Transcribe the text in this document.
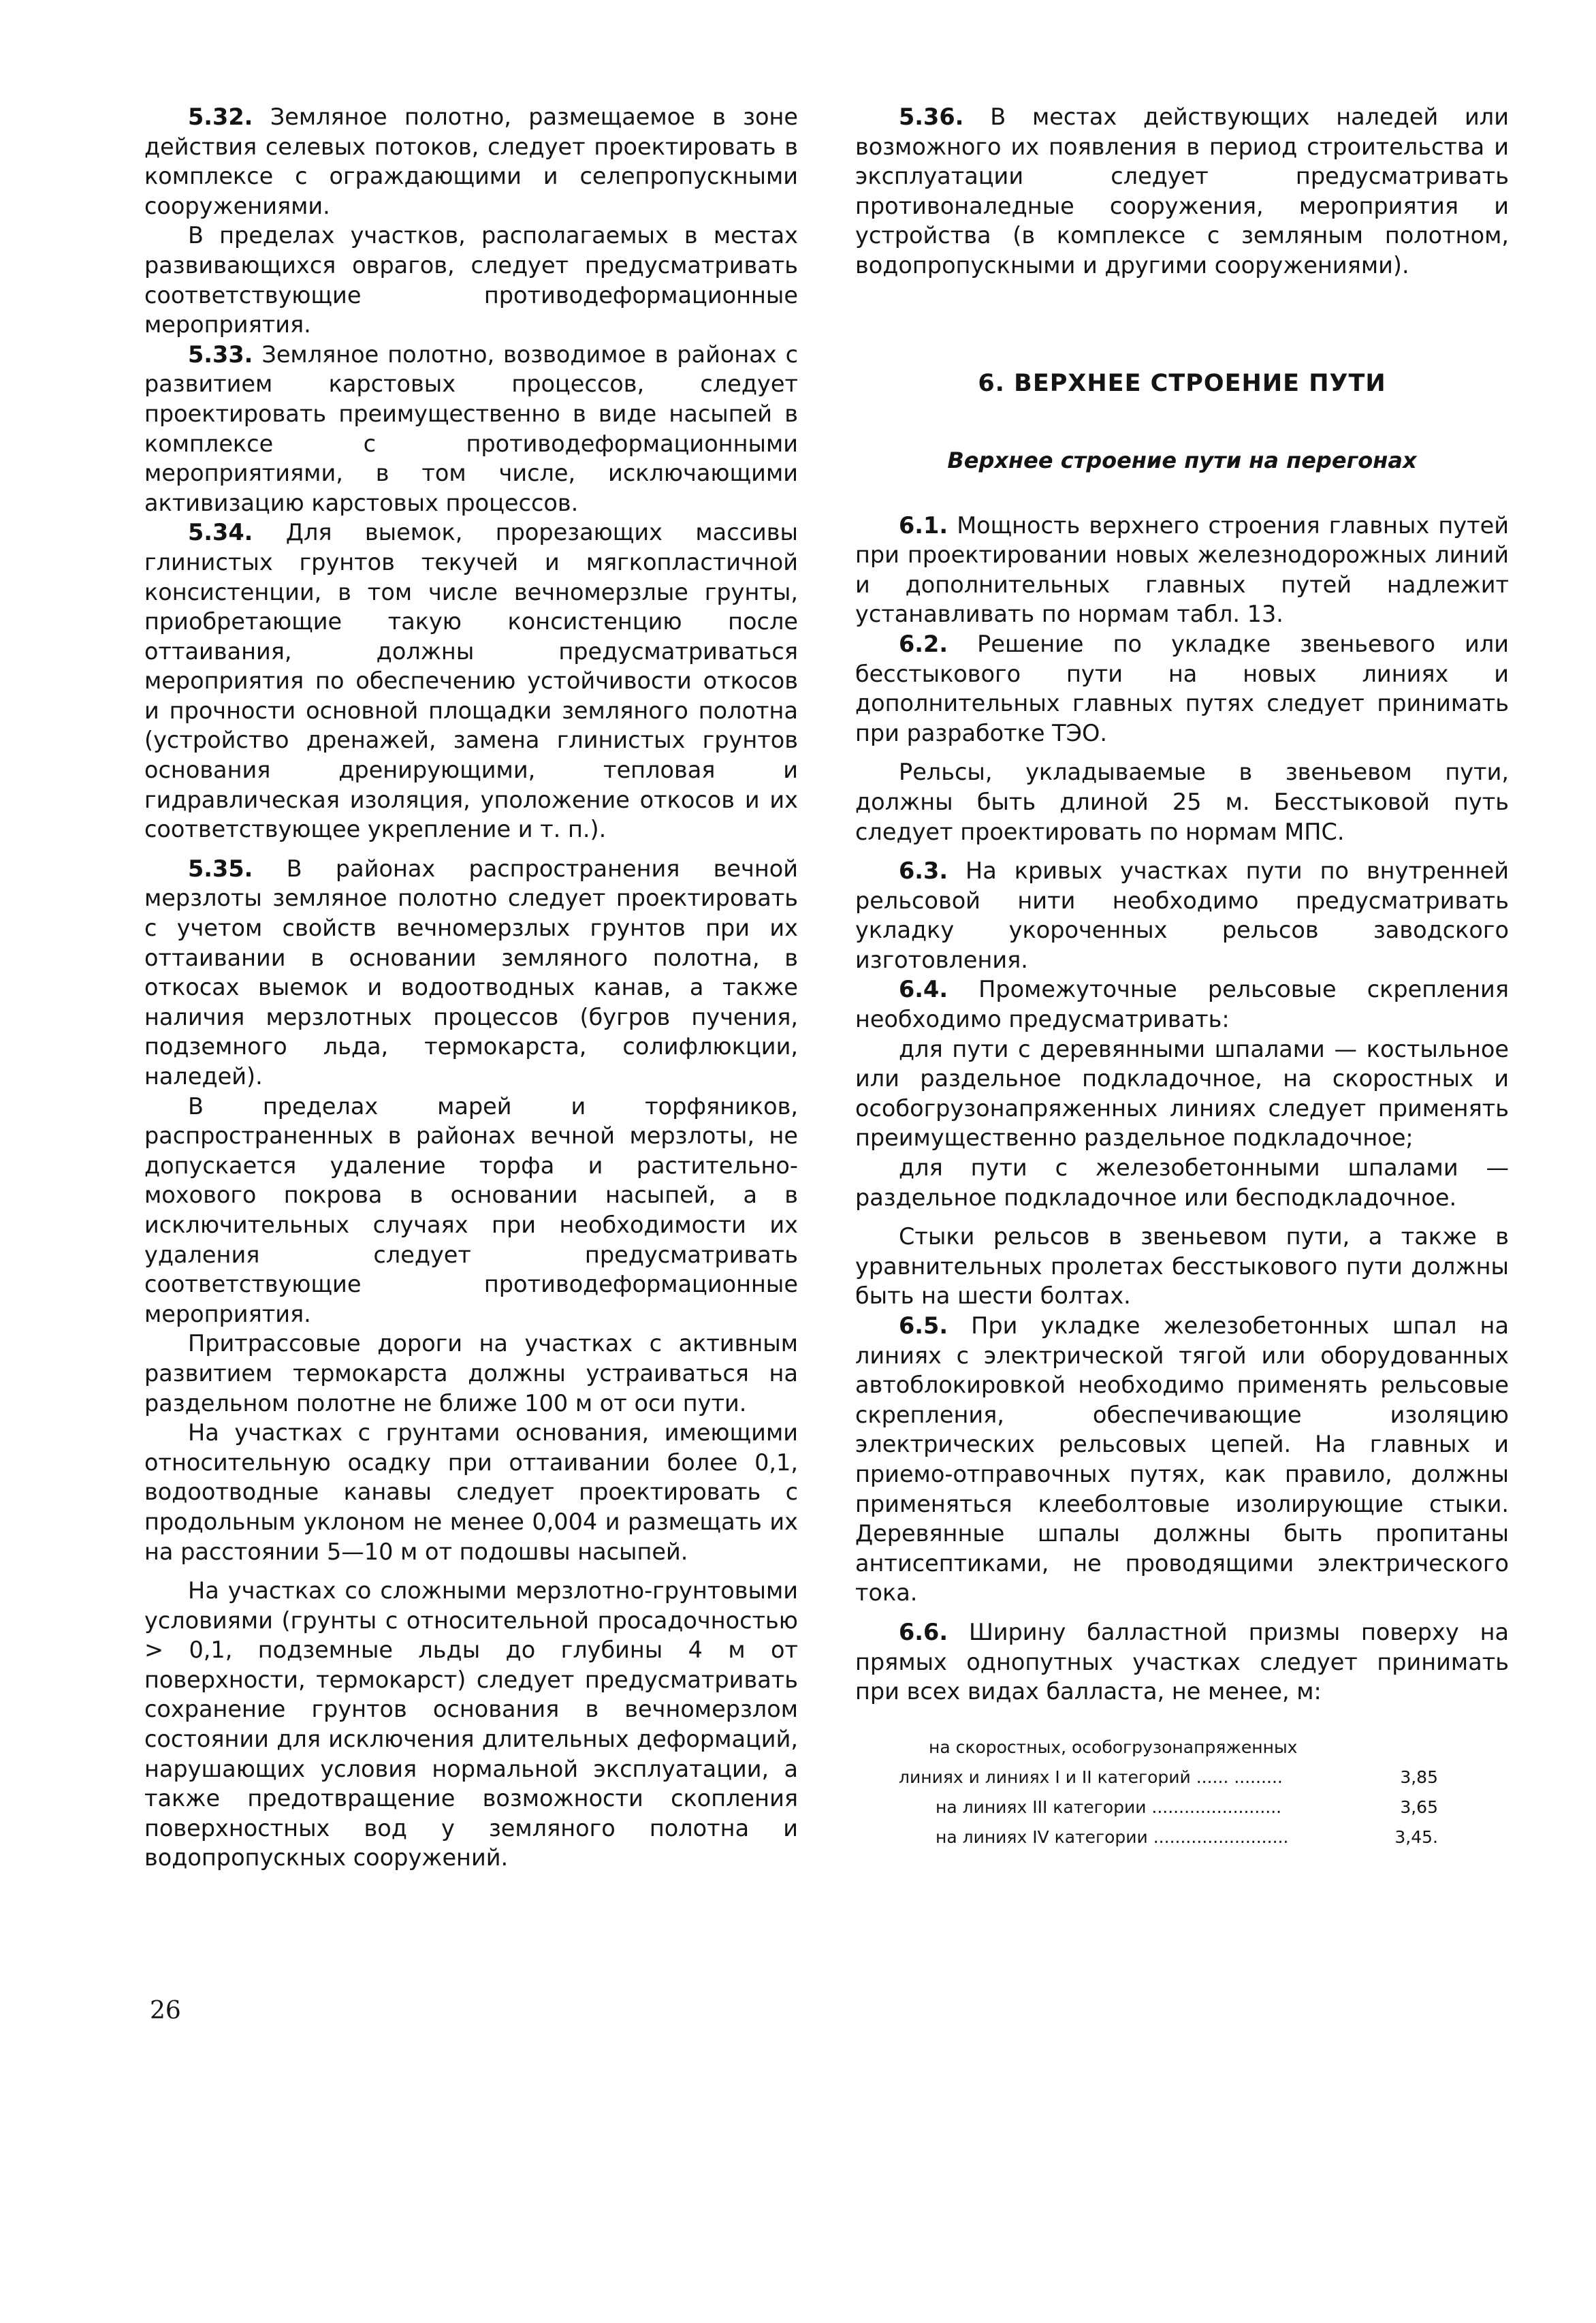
5.32. Земляное полотно, размещаемое в зоне действия селевых потоков, следует проектировать в комплексе с ограждающими и селепропускными сооружениями.

В пределах участков, располагаемых в местах развивающихся оврагов, следует предусматривать соответствующие противодеформационные мероприятия.

5.33. Земляное полотно, возводимое в районах с развитием карстовых процессов, следует проектировать преимущественно в виде насыпей в комплексе с противодеформационными мероприятиями, в том числе, исключающими активизацию карстовых процессов.

5.34. Для выемок, прорезающих массивы глинистых грунтов текучей и мягкопластичной консистенции, в том числе вечномерзлые грунты, приобретающие такую консистенцию после оттаивания, должны предусматриваться мероприятия по обеспечению устойчивости откосов и прочности основной площадки земляного полотна (устройство дренажей, замена глинистых грунтов основания дренирующими, тепловая и гидравлическая изоляция, уположение откосов и их соответствующее укрепление и т. п.).

5.35. В районах распространения вечной мерзлоты земляное полотно следует проектировать с учетом свойств вечномерзлых грунтов при их оттаивании в основании земляного полотна, в откосах выемок и водоотводных канав, а также наличия мерзлотных процессов (бугров пучения, подземного льда, термокарста, солифлюкции, наледей).

В пределах марей и торфяников, распространенных в районах вечной мерзлоты, не допускается удаление торфа и растительно-мохового покрова в основании насыпей, а в исключительных случаях при необходимости их удаления следует предусматривать соответствующие противодеформационные мероприятия.

Притрассовые дороги на участках с активным развитием термокарста должны устраиваться на раздельном полотне не ближе 100 м от оси пути.

На участках с грунтами основания, имеющими относительную осадку при оттаивании более 0,1, водоотводные канавы следует проектировать с продольным уклоном не менее 0,004 и размещать их на расстоянии 5—10 м от подошвы насыпей.

На участках со сложными мерзлотно-грунтовыми условиями (грунты с относительной просадочностью > 0,1, подземные льды до глубины 4 м от поверхности, термокарст) следует предусматривать сохранение грунтов основания в вечномерзлом состоянии для исключения длительных деформаций, нарушающих условия нормальной эксплуатации, а также предотвращение возможности скопления поверхностных вод у земляного полотна и водопропускных сооружений.

5.36. В местах действующих наледей или возможного их появления в период строительства и эксплуатации следует предусматривать противоналедные сооружения, мероприятия и устройства (в комплексе с земляным полотном, водопропускными и другими сооружениями).

6. ВЕРХНЕЕ СТРОЕНИЕ ПУТИ
Верхнее строение пути на перегонах

6.1. Мощность верхнего строения главных путей при проектировании новых железнодорожных линий и дополнительных главных путей надлежит устанавливать по нормам табл. 13.

6.2. Решение по укладке звеньевого или бесстыкового пути на новых линиях и дополнительных главных путях следует принимать при разработке ТЭО.

Рельсы, укладываемые в звеньевом пути, должны быть длиной 25 м. Бесстыковой путь следует проектировать по нормам МПС.

6.3. На кривых участках пути по внутренней рельсовой нити необходимо предусматривать укладку укороченных рельсов заводского изготовления.

6.4. Промежуточные рельсовые скрепления необходимо предусматривать:

для пути с деревянными шпалами — костыльное или раздельное подкладочное, на скоростных и особогрузонапряженных линиях следует применять преимущественно раздельное подкладочное;

для пути с железобетонными шпалами — раздельное подкладочное или бесподкладочное.

Стыки рельсов в звеньевом пути, а также в уравнительных пролетах бесстыкового пути должны быть на шести болтах.

6.5. При укладке железобетонных шпал на линиях с электрической тягой или оборудованных автоблокировкой необходимо применять рельсовые скрепления, обеспечивающие изоляцию электрических рельсовых цепей. На главных и приемо-отправочных путях, как правило, должны применяться клееболтовые изолирующие стыки. Деревянные шпалы должны быть пропитаны антисептиками, не проводящими электрического тока.

6.6. Ширину балластной призмы поверху на прямых однопутных участках следует принимать при всех видах балласта, не менее, м:

на скоростных, особогрузонапряженных
линиях и линиях I и II категорий ...... .........	3,85
на линиях III категории ........................	3,65
на линиях IV категории .........................	3,45.
26
